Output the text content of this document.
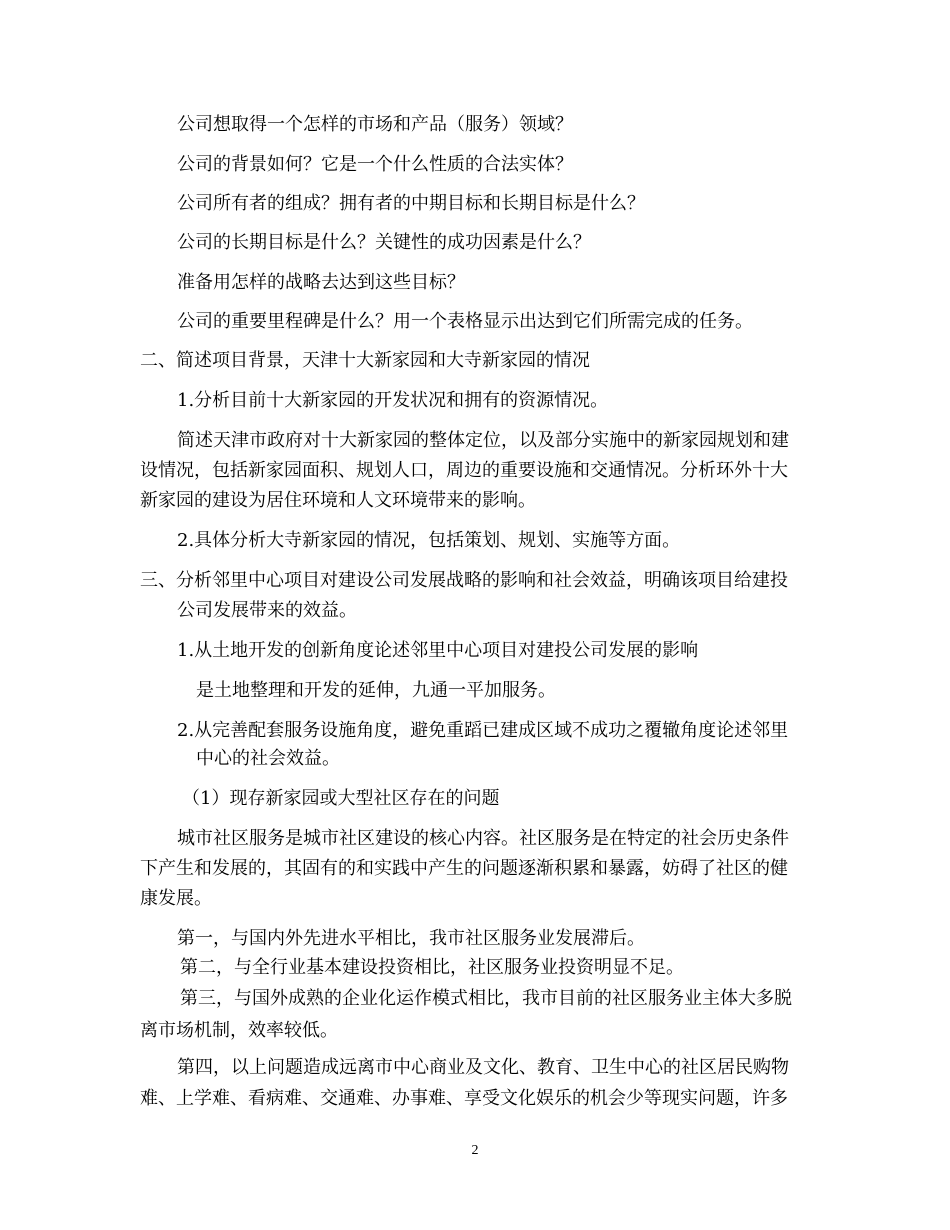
公司想取得一个怎样的市场和产品（服务）领域？
公司的背景如何？它是一个什么性质的合法实体？
公司所有者的组成？拥有者的中期目标和长期目标是什么？
公司的长期目标是什么？关键性的成功因素是什么？
准备用怎样的战略去达到这些目标？
公司的重要里程碑是什么？用一个表格显示出达到它们所需完成的任务。
二、简述项目背景，天津十大新家园和大寺新家园的情况
1.分析目前十大新家园的开发状况和拥有的资源情况。
简述天津市政府对十大新家园的整体定位，以及部分实施中的新家园规划和建
设情况，包括新家园面积、规划人口，周边的重要设施和交通情况。分析环外十大
新家园的建设为居住环境和人文环境带来的影响。
2.具体分析大寺新家园的情况，包括策划、规划、实施等方面。
三、分析邻里中心项目对建设公司发展战略的影响和社会效益，明确该项目给建投
公司发展带来的效益。
1.从土地开发的创新角度论述邻里中心项目对建投公司发展的影响
是土地整理和开发的延伸，九通一平加服务。
2.从完善配套服务设施角度，避免重蹈已建成区域不成功之覆辙角度论述邻里
中心的社会效益。
（1）现存新家园或大型社区存在的问题
城市社区服务是城市社区建设的核心内容。社区服务是在特定的社会历史条件
下产生和发展的，其固有的和实践中产生的问题逐渐积累和暴露，妨碍了社区的健
康发展。
第一，与国内外先进水平相比，我市社区服务业发展滞后。
第二，与全行业基本建设投资相比，社区服务业投资明显不足。
第三，与国外成熟的企业化运作模式相比，我市目前的社区服务业主体大多脱
离市场机制，效率较低。
第四，以上问题造成远离市中心商业及文化、教育、卫生中心的社区居民购物
难、上学难、看病难、交通难、办事难、享受文化娱乐的机会少等现实问题，许多
2
